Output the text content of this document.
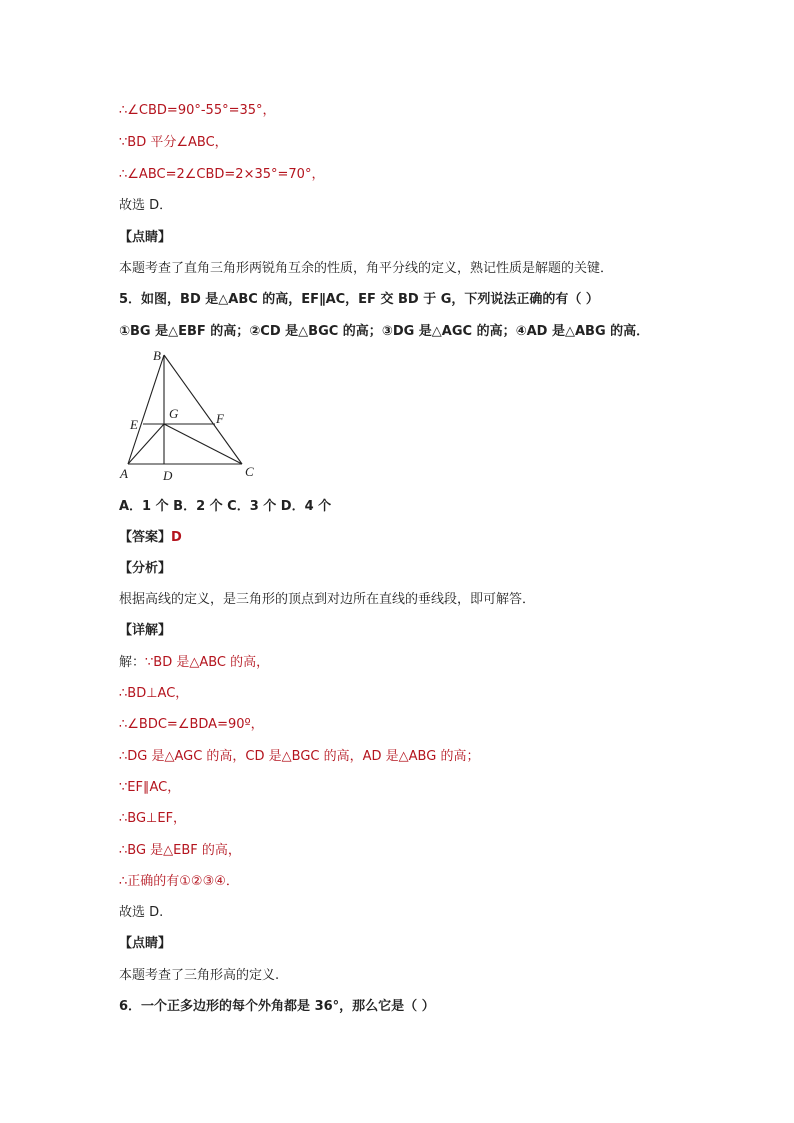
∴∠CBD=90°-55°=35°，
∵BD 平分∠ABC，
∴∠ABC=2∠CBD=2×35°=70°，
故选 D．
【点睛】
本题考查了直角三角形两锐角互余的性质，角平分线的定义，熟记性质是解题的关键．
5．如图，BD 是△ABC 的高，EF∥AC，EF 交 BD 于 G，下列说法正确的有（ ）
①BG 是△EBF 的高；②CD 是△BGC 的高；③DG 是△AGC 的高；④AD 是△ABG 的高．
B
G	F
E
A	D	C
A．1 个 B．2 个 C．3 个 D．4 个
【答案】D
【分析】
根据高线的定义，是三角形的顶点到对边所在直线的垂线段，即可解答．
【详解】
解：∵BD 是△ABC 的高，
∴BD⊥AC，
∴∠BDC=∠BDA=90º，
∴DG 是△AGC 的高，CD 是△BGC 的高，AD 是△ABG 的高；
∵EF∥AC，
∴BG⊥EF，
∴BG 是△EBF 的高，
∴正确的有①②③④．
故选 D.
【点睛】
本题考查了三角形高的定义.
6．一个正多边形的每个外角都是 36°，那么它是（ ）
